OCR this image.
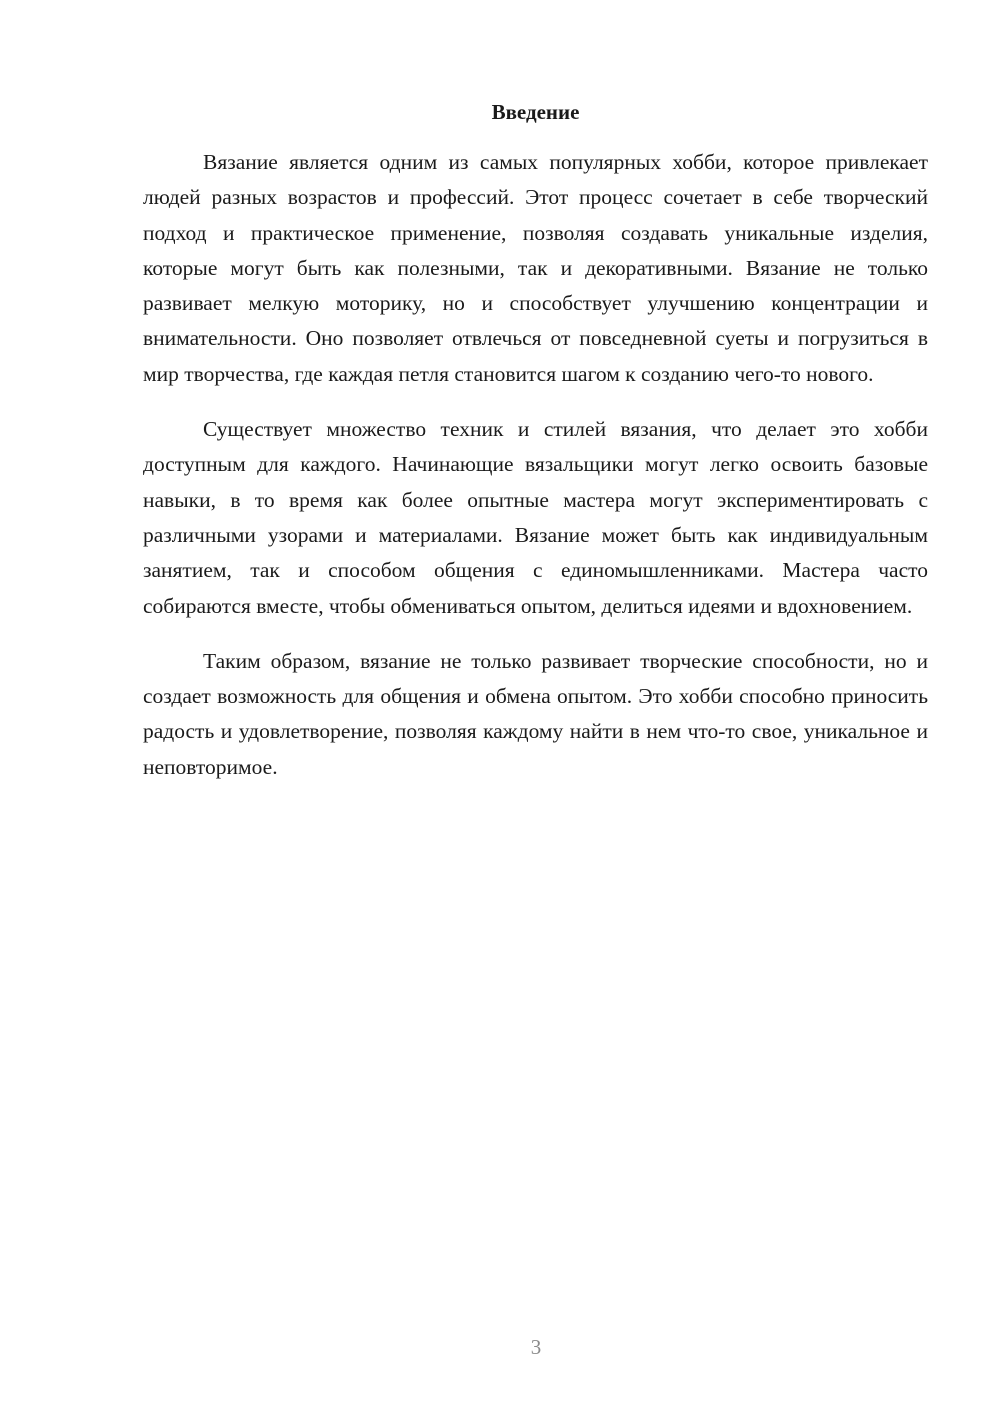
Введение

Вязание является одним из самых популярных хобби, которое привлекает людей разных возрастов и профессий. Этот процесс сочетает в себе творческий подход и практическое применение, позволяя создавать уникальные изделия, которые могут быть как полезными, так и декоративными. Вязание не только развивает мелкую моторику, но и способствует улучшению концентрации и внимательности. Оно позволяет отвлечься от повседневной суеты и погрузиться в мир творчества, где каждая петля становится шагом к созданию чего-то нового.

Существует множество техник и стилей вязания, что делает это хобби доступным для каждого. Начинающие вязальщики могут легко освоить базовые навыки, в то время как более опытные мастера могут экспериментировать с различными узорами и материалами. Вязание может быть как индивидуальным занятием, так и способом общения с единомышленниками. Мастера часто собираются вместе, чтобы обмениваться опытом, делиться идеями и вдохновением.

Таким образом, вязание не только развивает творческие способности, но и создает возможность для общения и обмена опытом. Это хобби способно приносить радость и удовлетворение, позволяя каждому найти в нем что-то свое, уникальное и неповторимое.

3
